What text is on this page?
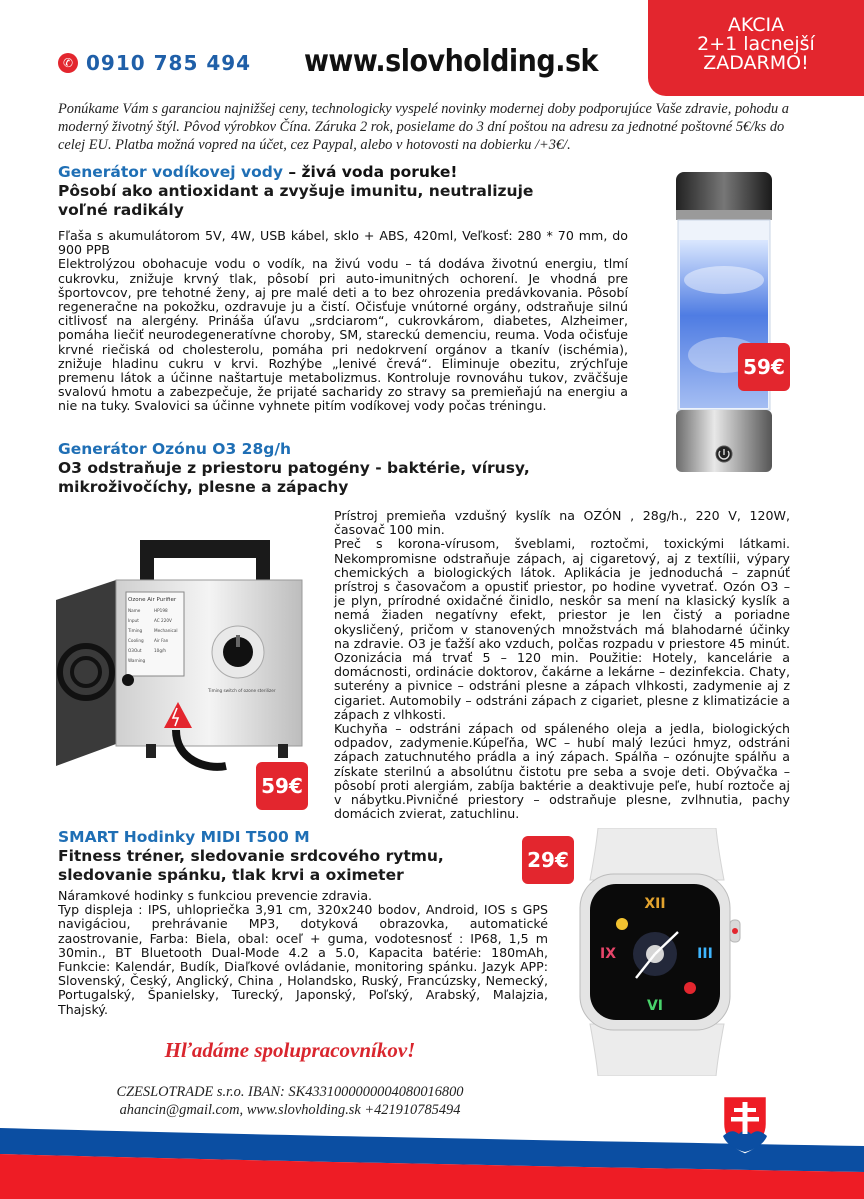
AKCIA
2+1 lacnejší
ZADARMO!
✆ 0910 785 494 www.slovholding.sk
Ponúkame Vám s garanciou najnižšej ceny, technologicky vyspelé novinky modernej doby podporujúce Vaše zdravie, pohodu a moderný životný štýl. Pôvod výrobkov Čína. Záruka 2 rok, posielame do 3 dní poštou na adresu za jednotné poštovné 5€/ks do celej EU. Platba možná vopred na účet, cez Paypal, alebo v hotovosti na dobierku /+3€/.
Generátor vodíkovej vody – živá voda poruke!
Pôsobí ako antioxidant a zvyšuje imunitu, neutralizuje
voľné radikály
Fľaša s akumulátorom 5V, 4W, USB kábel, sklo + ABS, 420ml, Veľkosť: 280 * 70 mm, do 900 PPB
Elektrolýzou obohacuje vodu o vodík, na živú vodu – tá dodáva životnú energiu, tlmí cukrovku, znižuje krvný tlak, pôsobí pri auto-imunitných ochorení. Je vhodná pre športovcov, pre tehotné ženy, aj pre malé deti a to bez ohrozenia predávkovania. Pôsobí regeneračne na pokožku, ozdravuje ju a čistí. Očisťuje vnútorné orgány, odstraňuje silnú citlivosť na alergény. Prináša úľavu „srdciarom“, cukrovkárom, diabetes, Alzheimer, pomáha liečiť neurodegeneratívne choroby, SM, stareckú demenciu, reuma. Voda očisťuje krvné riečiská od cholesterolu, pomáha pri nedokrvení orgánov a tkanív (ischémia), znižuje hladinu cukru v krvi. Rozhýbe „lenivé črevá“. Eliminuje obezitu, zrýchľuje premenu látok a účinne naštartuje metabolizmus. Kontroluje rovnováhu tukov, zväčšuje svalovú hmotu a zabezpečuje, že prijaté sacharidy zo stravy sa premieňajú na energiu a nie na tuky. Svalovici sa účinne vyhnete pitím vodíkovej vody počas tréningu.
59€
Generátor Ozónu O3 28g/h
O3 odstraňuje z priestoru patogény - baktérie, vírusy,
mikroživočíchy, plesne a zápachy
Prístroj premieňa vzdušný kyslík na OZÓN , 28g/h., 220 V, 120W, časovač 100 min.
Preč s korona-vírusom, šveblami, roztočmi, toxickými látkami. Nekompromisne odstraňuje zápach, aj cigaretový, aj z textílii, výpary chemických a biologických látok. Aplikácia je jednoduchá – zapnúť prístroj s časovačom a opustiť priestor, po hodine vyvetrať. Ozón O3 – je plyn, prírodné oxidačné činidlo, neskôr sa mení na klasický kyslík a nemá žiaden negatívny efekt, priestor je len čistý a poriadne okysličený, pričom v stanovených množstvách má blahodarné účinky na zdravie. O3 je ťažší ako vzduch, polčas rozpadu v priestore 45 minút. Ozonizácia má trvať 5 – 120 min. Použitie: Hotely, kancelárie a domácnosti, ordinácie doktorov, čakárne a lekárne – dezinfekcia. Chaty, suterény a pivnice – odstráni plesne a zápach vlhkosti, zadymenie aj z cigariet. Automobily – odstráni zápach z cigariet, plesne z klimatizácie a zápach z vlhkosti.
Kuchyňa – odstráni zápach od spáleného oleja a jedla, biologických odpadov, zadymenie.Kúpeľňa, WC – hubí malý lezúci hmyz, odstráni zápach zatuchnutého prádla a iný zápach. Spálňa – ozónujte spálňu a získate sterilnú a absolútnu čistotu pre seba a svoje deti. Obývačka – pôsobí proti alergiám, zabíja baktérie a deaktivuje peľe, hubí roztoče aj v nábytku.Pivničné priestory – odstraňuje plesne, zvlhnutia, pachy domácich zvierat, zatuchlinu.
Ozone Air Purifier
Name	HP198
Input	AC 220V
Timing	Mechanical
Cooling Air Fan
O3Out	10g/h
Warning
Timing switch of ozone sterilizer
59€
SMART Hodinky MIDI T500 M
Fitness tréner, sledovanie srdcového rytmu,
sledovanie spánku, tlak krvi a oximeter
Náramkové hodinky s funkciou prevencie zdravia.
Typ displeja : IPS, uhlopriečka 3,91 cm, 320x240 bodov, Android, IOS s GPS navigáciou, prehrávanie MP3, dotyková obrazovka, automatické zaostrovanie, Farba: Biela, obal: oceľ + guma, vodotesnosť : IP68, 1,5 m 30min., BT Bluetooth Dual-Mode 4.2 a 5.0, Kapacita batérie: 180mAh, Funkcie: Kalendár, Budík, Diaľkové ovládanie, monitoring spánku. Jazyk APP: Slovenský, Český, Anglický, China , Holandsko, Ruský, Francúzsky, Nemecký, Portugalský, Španielsky, Turecký, Japonský, Poľský, Arabský, Malajzia, Thajský.
29€
XII
III
VI
IX
Hľadáme spolupracovníkov!
CZESLOTRADE s.r.o. IBAN: SK4331000000004080016800
ahancin@gmail.com, www.slovholding.sk +421910785494
